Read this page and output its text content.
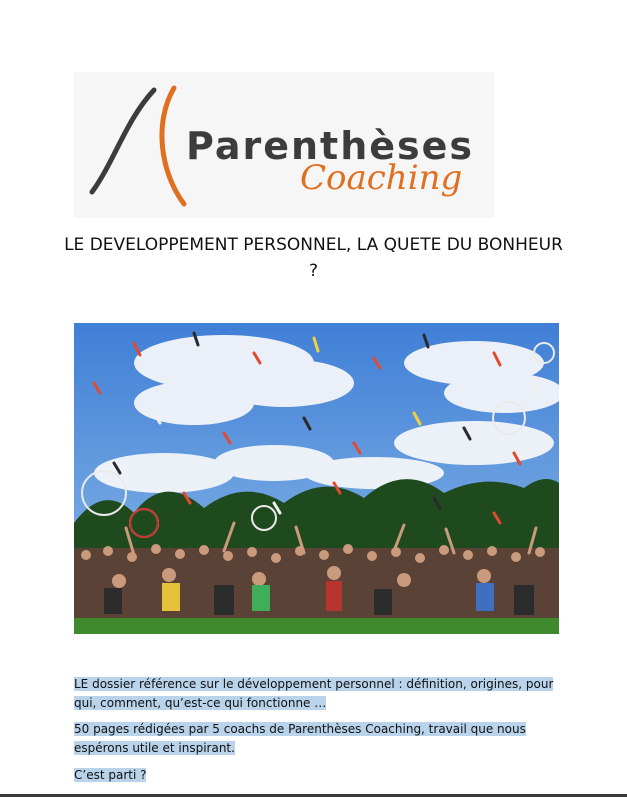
Parenthèses
Coaching
LE DEVELOPPEMENT PERSONNEL, LA QUETE DU BONHEUR ?

LE dossier référence sur le développement personnel : définition, origines, pour qui, comment, qu’est-ce qui fonctionne …

50 pages rédigées par 5 coachs de Parenthèses Coaching, travail que nous espérons utile et inspirant.

C’est parti ?
